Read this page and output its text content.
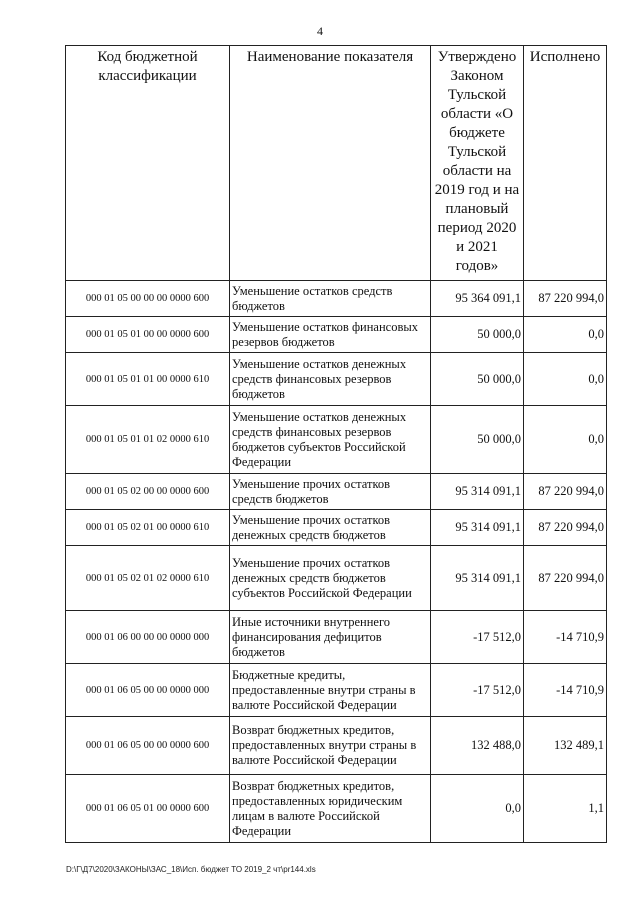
4
Код бюджетной классификации	Наименование показателя	Утверждено Законом Тульской области «О бюджете Тульской области на 2019 год и на плановый период 2020 и 2021 годов»	Исполнено
000 01 05 00 00 00 0000 600	Уменьшение остатков средств бюджетов	95 364 091,1	87 220 994,0
000 01 05 01 00 00 0000 600	Уменьшение остатков финансовых резервов бюджетов	50 000,0	0,0
000 01 05 01 01 00 0000 610	Уменьшение остатков денежных средств финансовых резервов бюджетов	50 000,0	0,0
000 01 05 01 01 02 0000 610	Уменьшение остатков денежных средств финансовых резервов бюджетов субъектов Российской Федерации	50 000,0	0,0
000 01 05 02 00 00 0000 600	Уменьшение прочих остатков средств бюджетов	95 314 091,1	87 220 994,0
000 01 05 02 01 00 0000 610	Уменьшение прочих остатков денежных средств бюджетов	95 314 091,1	87 220 994,0
000 01 05 02 01 02 0000 610	Уменьшение прочих остатков денежных средств бюджетов субъектов Российской Федерации	95 314 091,1	87 220 994,0
000 01 06 00 00 00 0000 000	Иные источники внутреннего финансирования дефицитов бюджетов	-17 512,0	-14 710,9
000 01 06 05 00 00 0000 000	Бюджетные кредиты, предоставленные внутри страны в валюте Российской Федерации	-17 512,0	-14 710,9
000 01 06 05 00 00 0000 600	Возврат бюджетных кредитов, предоставленных внутри страны в валюте Российской Федерации	132 488,0	132 489,1
000 01 06 05 01 00 0000 600	Возврат бюджетных кредитов, предоставленных юридическим лицам в валюте Российской Федерации	0,0	1,1
D:\Г\Д7\2020\ЗАКОНЫ\ЗАС_18\Исп. бюджет ТО 2019_2 чт\pr144.xls
